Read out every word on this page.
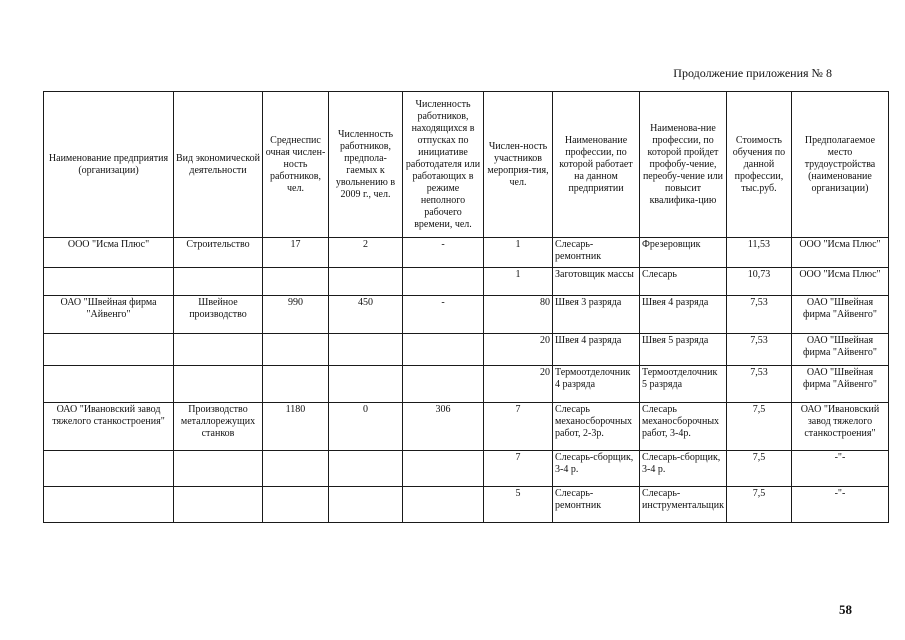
Продолжение приложения № 8
Наименование предприятия (организации)	Вид экономической деятельности	Среднеспис очная числен-ность работников, чел.	Численность работников, предпола-гаемых к увольнению в 2009 г., чел.	Численность работников, находящихся в отпусках по инициативе работодателя или работающих в режиме неполного рабочего времени, чел.	Числен-ность участников мероприя-тия, чел.	Наименование профессии, по которой работает на данном предприятии	Наименова-ние профессии, по которой пройдет профобу-чение, переобу-чение или повысит квалифика-цию	Стоимость обучения по данной профессии, тыс.руб.	Предполагаемое место трудоустройства (наименование организации)
ООО "Исма Плюс"	Строительство	17	2	-	1	Слесарь-ремонтник	Фрезеровщик	11,53	ООО "Исма Плюс"
					1	Заготовщик массы	Слесарь	10,73	ООО "Исма Плюс"
ОАО "Швейная фирма "Айвенго"	Швейное производство	990	450	-	80	Швея 3 разряда	Швея 4 разряда	7,53	ОАО "Швейная фирма "Айвенго"
					20	Швея 4 разряда	Швея 5 разряда	7,53	ОАО "Швейная фирма "Айвенго"
					20	Термоотделочник 4 разряда	Термоотделочник 5 разряда	7,53	ОАО "Швейная фирма "Айвенго"
ОАО "Ивановский завод тяжелого станкостроения"	Производство металлорежущих станков	1180	0	306	7	Слесарь механосборочных работ, 2-3р.	Слесарь механосборочных работ, 3-4р.	7,5	ОАО "Ивановский завод тяжелого станкостроения"
					7	Слесарь-сборщик, 3-4 р.	Слесарь-сборщик, 3-4 р.	7,5	-"-
					5	Слесарь-ремонтник	Слесарь-инструментальщик	7,5	-"-
58
